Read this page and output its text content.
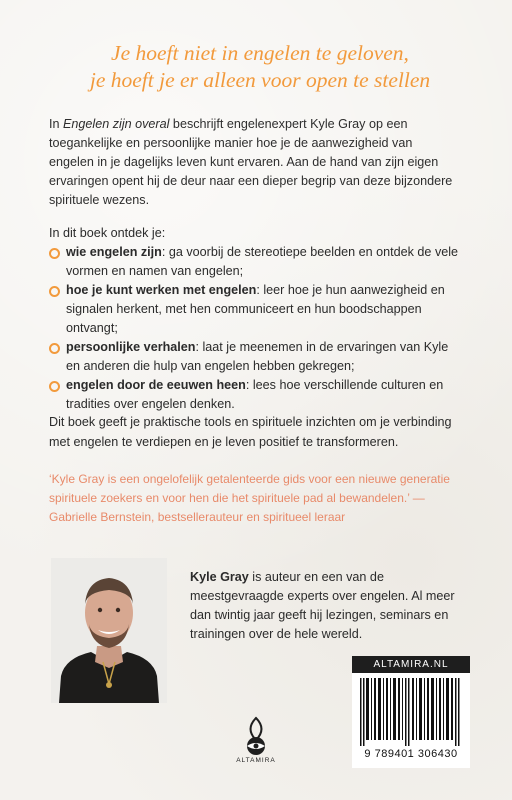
Je hoeft niet in engelen te geloven,
je hoeft je er alleen voor open te stellen
In Engelen zijn overal beschrijft engelenexpert Kyle Gray op een toegankelijke en persoonlijke manier hoe je de aanwezigheid van engelen in je dagelijks leven kunt ervaren. Aan de hand van zijn eigen ervaringen opent hij de deur naar een dieper begrip van deze bijzondere spirituele wezens.
In dit boek ontdek je:
wie engelen zijn: ga voorbij de stereotiepe beelden en ontdek de vele vormen en namen van engelen;
hoe je kunt werken met engelen: leer hoe je hun aanwezigheid en signalen herkent, met hen communiceert en hun boodschappen ontvangt;
persoonlijke verhalen: laat je meenemen in de ervaringen van Kyle en anderen die hulp van engelen hebben gekregen;
engelen door de eeuwen heen: lees hoe verschillende culturen en tradities over engelen denken.
Dit boek geeft je praktische tools en spirituele inzichten om je verbinding met engelen te verdiepen en je leven positief te transformeren.
‘Kyle Gray is een ongelofelijk getalenteerde gids voor een nieuwe generatie spirituele zoekers en voor hen die het spirituele pad al bewandelen.’ — Gabrielle Bernstein, bestsellerauteur en spiritueel leraar
Kyle Gray is auteur en een van de meestgevraagde experts over engelen. Al meer dan twintig jaar geeft hij lezingen, seminars en trainingen over de hele wereld.
ALTAMIRA.NL
9 789401 306430
ALTAMIRA
